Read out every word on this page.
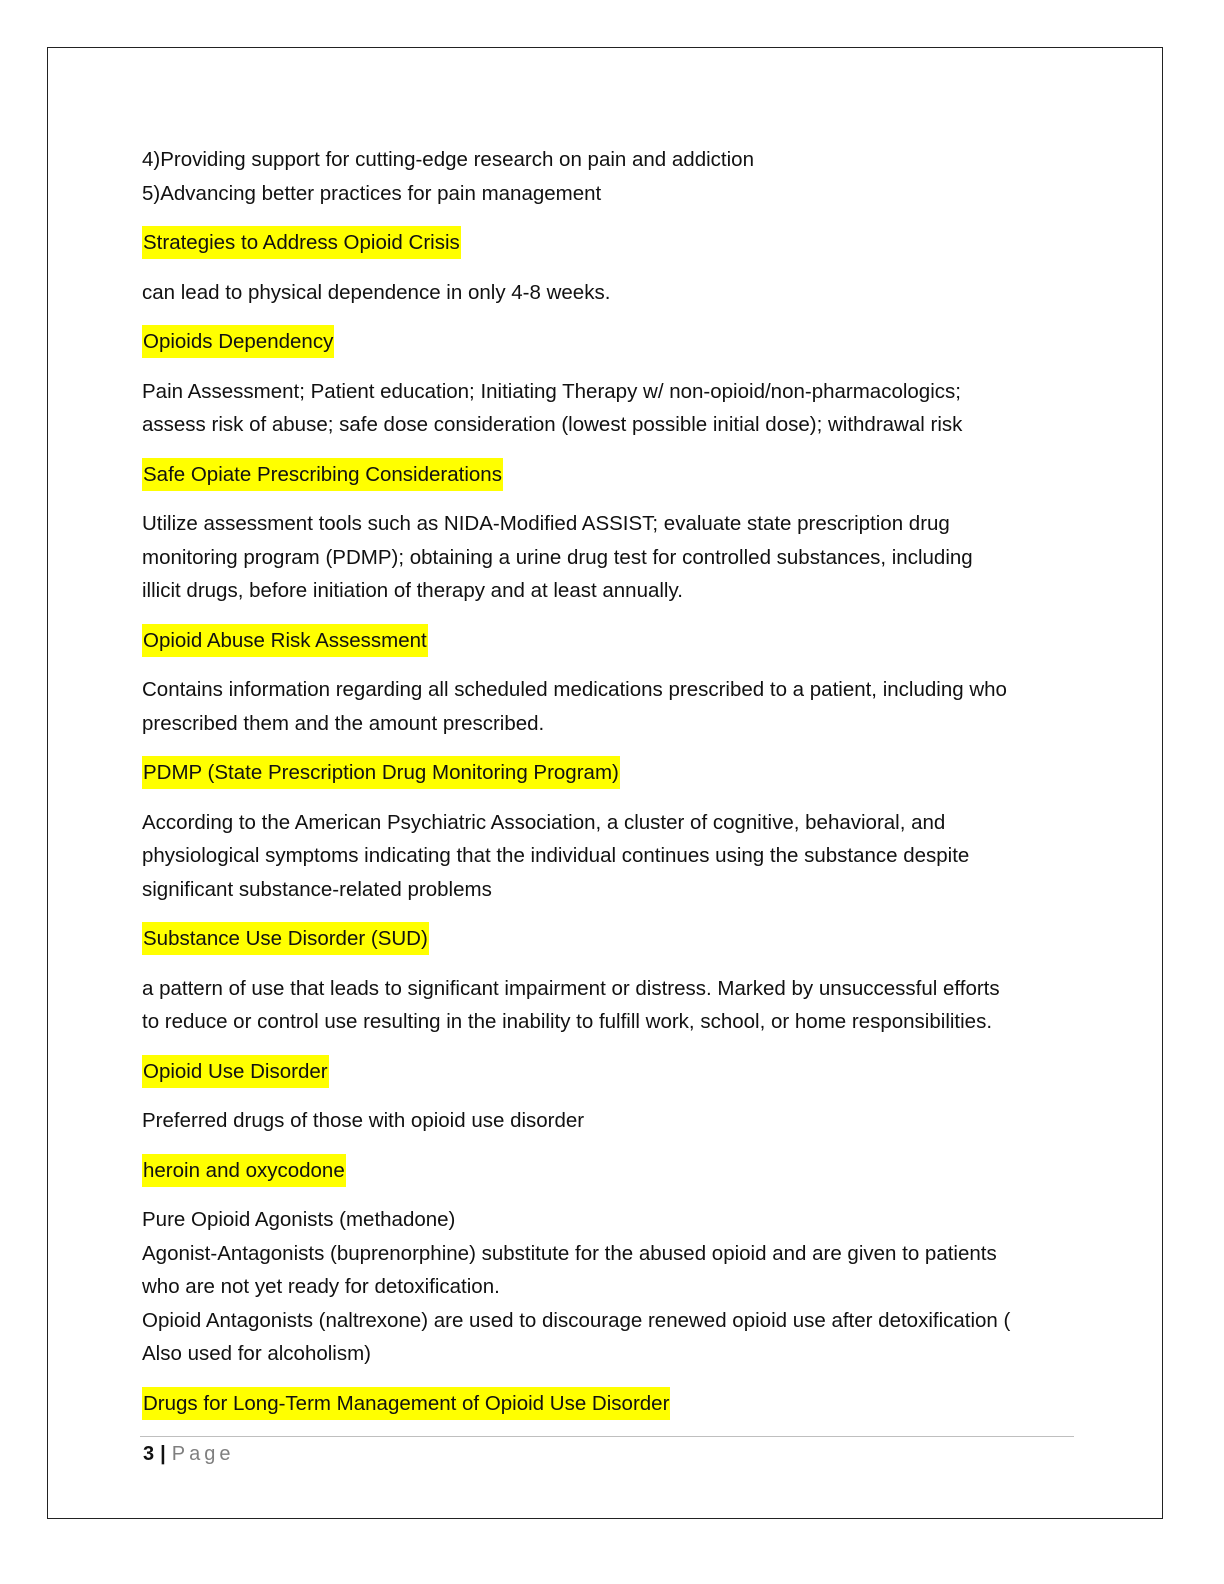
4)Providing support for cutting-edge research on pain and addiction
5)Advancing better practices for pain management
Strategies to Address Opioid Crisis
can lead to physical dependence in only 4-8 weeks.
Opioids Dependency
Pain Assessment; Patient education; Initiating Therapy w/ non-opioid/non-pharmacologics;
assess risk of abuse; safe dose consideration (lowest possible initial dose); withdrawal risk
Safe Opiate Prescribing Considerations
Utilize assessment tools such as NIDA-Modified ASSIST; evaluate state prescription drug
monitoring program (PDMP); obtaining a urine drug test for controlled substances, including
illicit drugs, before initiation of therapy and at least annually.
Opioid Abuse Risk Assessment
Contains information regarding all scheduled medications prescribed to a patient, including who
prescribed them and the amount prescribed.
PDMP (State Prescription Drug Monitoring Program)
According to the American Psychiatric Association, a cluster of cognitive, behavioral, and
physiological symptoms indicating that the individual continues using the substance despite
significant substance-related problems
Substance Use Disorder (SUD)
a pattern of use that leads to significant impairment or distress. Marked by unsuccessful efforts
to reduce or control use resulting in the inability to fulfill work, school, or home responsibilities.
Opioid Use Disorder
Preferred drugs of those with opioid use disorder
heroin and oxycodone
Pure Opioid Agonists (methadone)
Agonist-Antagonists (buprenorphine) substitute for the abused opioid and are given to patients
who are not yet ready for detoxification.
Opioid Antagonists (naltrexone) are used to discourage renewed opioid use after detoxification (
Also used for alcoholism)
Drugs for Long-Term Management of Opioid Use Disorder
3 | Page
